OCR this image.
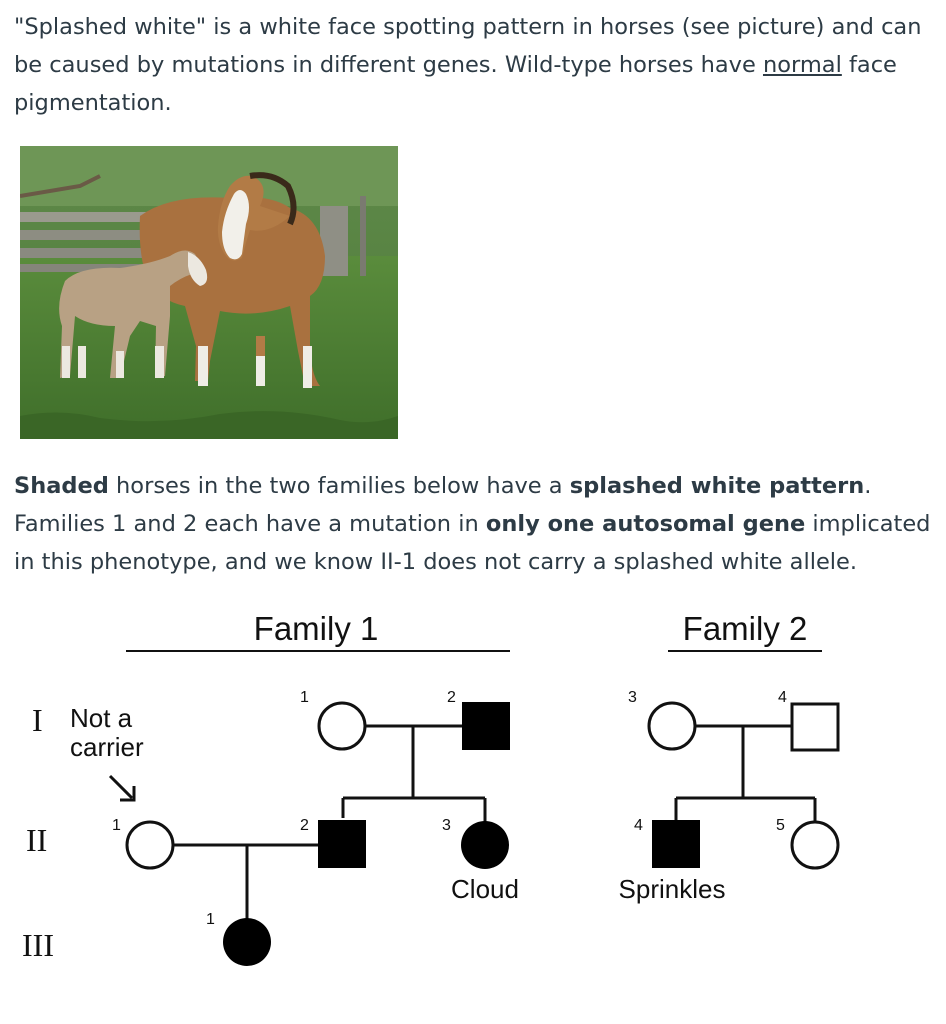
"Splashed white" is a white face spotting pattern in horses (see picture) and can be caused by mutations in different genes. Wild-type horses have normal face pigmentation.

Shaded horses in the two families below have a splashed white pattern. Families 1 and 2 each have a mutation in only one autosomal gene implicated in this phenotype, and we know II-1 does not carry a splashed white allele.

Family 1	Family 2
I
II
III
Not a
carrier
1	2
1	2	3
Cloud
1
3	4
4
Sprinkles
5
